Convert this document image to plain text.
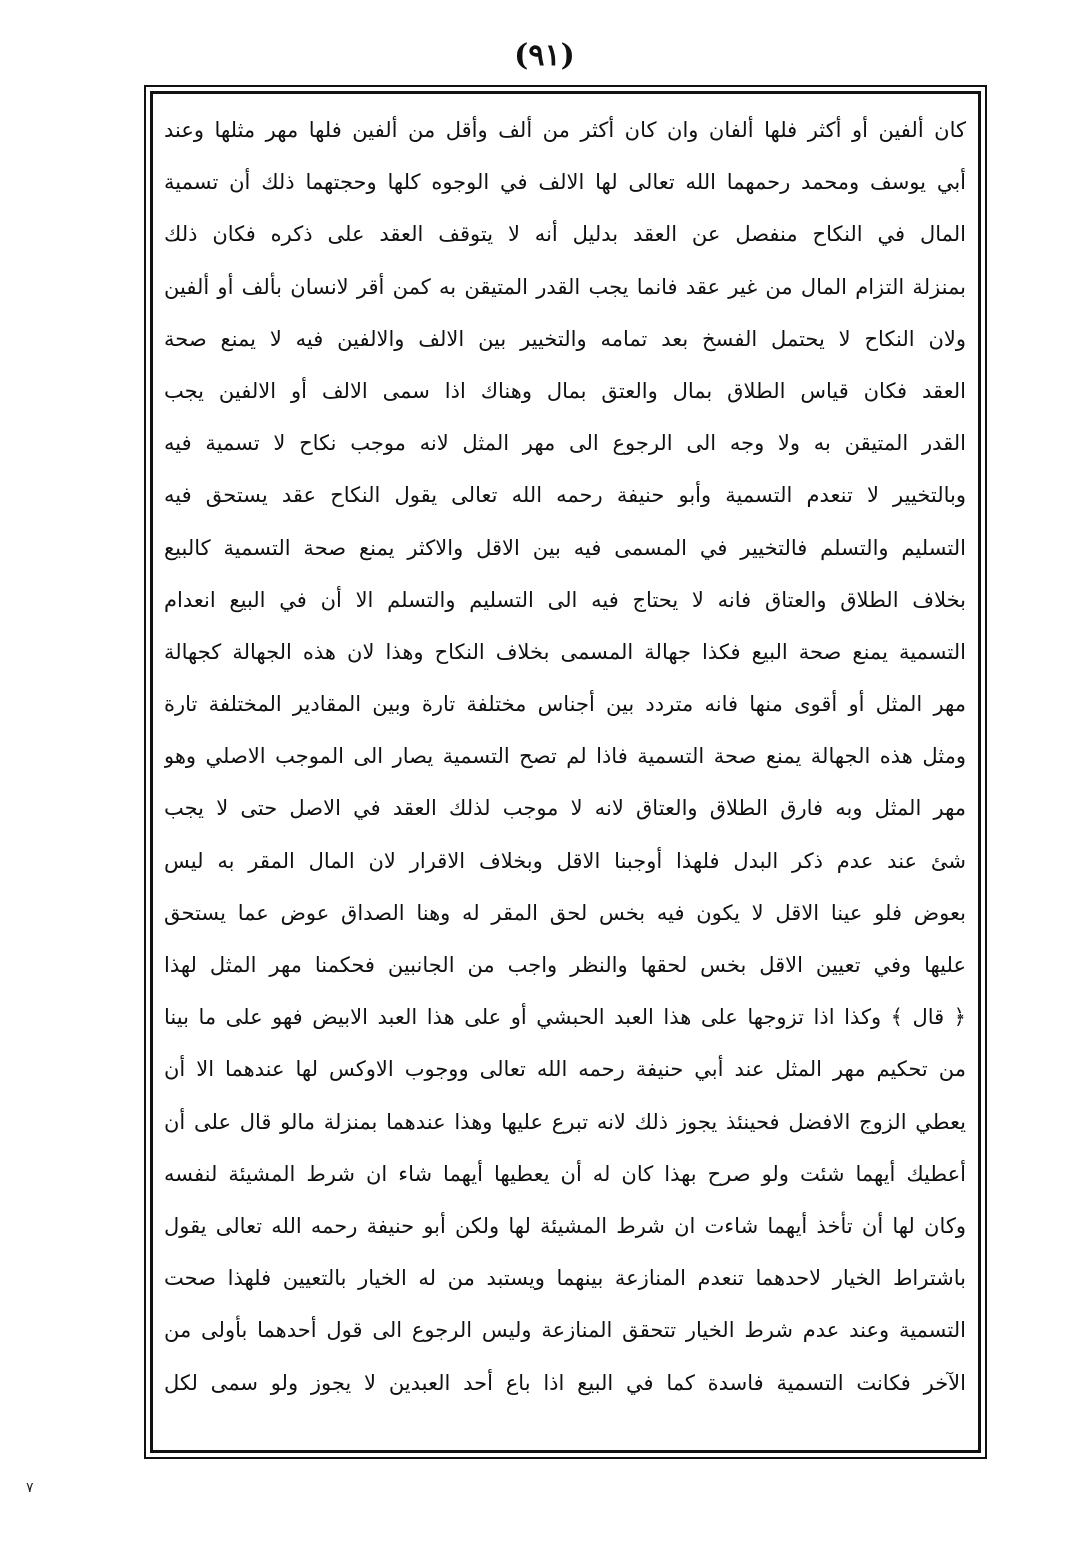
(٩١)
كان ألفين أو أكثر فلها ألفان وان كان أكثر من ألف وأقل من ألفين فلها مهر مثلها وعند
أبي يوسف ومحمد رحمهما الله تعالى لها الالف في الوجوه كلها وحجتهما ذلك أن تسمية
المال في النكاح منفصل عن العقد بدليل أنه لا يتوقف العقد على ذكره فكان ذلك
بمنزلة التزام المال من غير عقد فانما يجب القدر المتيقن به كمن أقر لانسان بألف أو ألفين
ولان النكاح لا يحتمل الفسخ بعد تمامه والتخيير بين الالف والالفين فيه لا يمنع صحة
العقد فكان قياس الطلاق بمال والعتق بمال وهناك اذا سمى الالف أو الالفين يجب
القدر المتيقن به ولا وجه الى الرجوع الى مهر المثل لانه موجب نكاح لا تسمية فيه
وبالتخيير لا تنعدم التسمية وأبو حنيفة رحمه الله تعالى يقول النكاح عقد يستحق فيه
التسليم والتسلم فالتخيير في المسمى فيه بين الاقل والاكثر يمنع صحة التسمية كالبيع
بخلاف الطلاق والعتاق فانه لا يحتاج فيه الى التسليم والتسلم الا أن في البيع انعدام
التسمية يمنع صحة البيع فكذا جهالة المسمى بخلاف النكاح وهذا لان هذه الجهالة كجهالة
مهر المثل أو أقوى منها فانه متردد بين أجناس مختلفة تارة وبين المقادير المختلفة تارة
ومثل هذه الجهالة يمنع صحة التسمية فاذا لم تصح التسمية يصار الى الموجب الاصلي وهو
مهر المثل وبه فارق الطلاق والعتاق لانه لا موجب لذلك العقد في الاصل حتى لا يجب
شئ عند عدم ذكر البدل فلهذا أوجبنا الاقل وبخلاف الاقرار لان المال المقر به ليس
بعوض فلو عينا الاقل لا يكون فيه بخس لحق المقر له وهنا الصداق عوض عما يستحق
عليها وفي تعيين الاقل بخس لحقها والنظر واجب من الجانبين فحكمنا مهر المثل لهذا
﴿ قال ﴾ وكذا اذا تزوجها على هذا العبد الحبشي أو على هذا العبد الابيض فهو على ما بينا
من تحكيم مهر المثل عند أبي حنيفة رحمه الله تعالى ووجوب الاوكس لها عندهما الا أن
يعطي الزوج الافضل فحينئذ يجوز ذلك لانه تبرع عليها وهذا عندهما بمنزلة مالو قال على أن
أعطيك أيهما شئت ولو صرح بهذا كان له أن يعطيها أيهما شاء ان شرط المشيئة لنفسه
وكان لها أن تأخذ أيهما شاءت ان شرط المشيئة لها ولكن أبو حنيفة رحمه الله تعالى يقول
باشتراط الخيار لاحدهما تنعدم المنازعة بينهما ويستبد من له الخيار بالتعيين فلهذا صحت
التسمية وعند عدم شرط الخيار تتحقق المنازعة وليس الرجوع الى قول أحدهما بأولى من
الآخر فكانت التسمية فاسدة كما في البيع اذا باع أحد العبدين لا يجوز ولو سمى لكل
٧
